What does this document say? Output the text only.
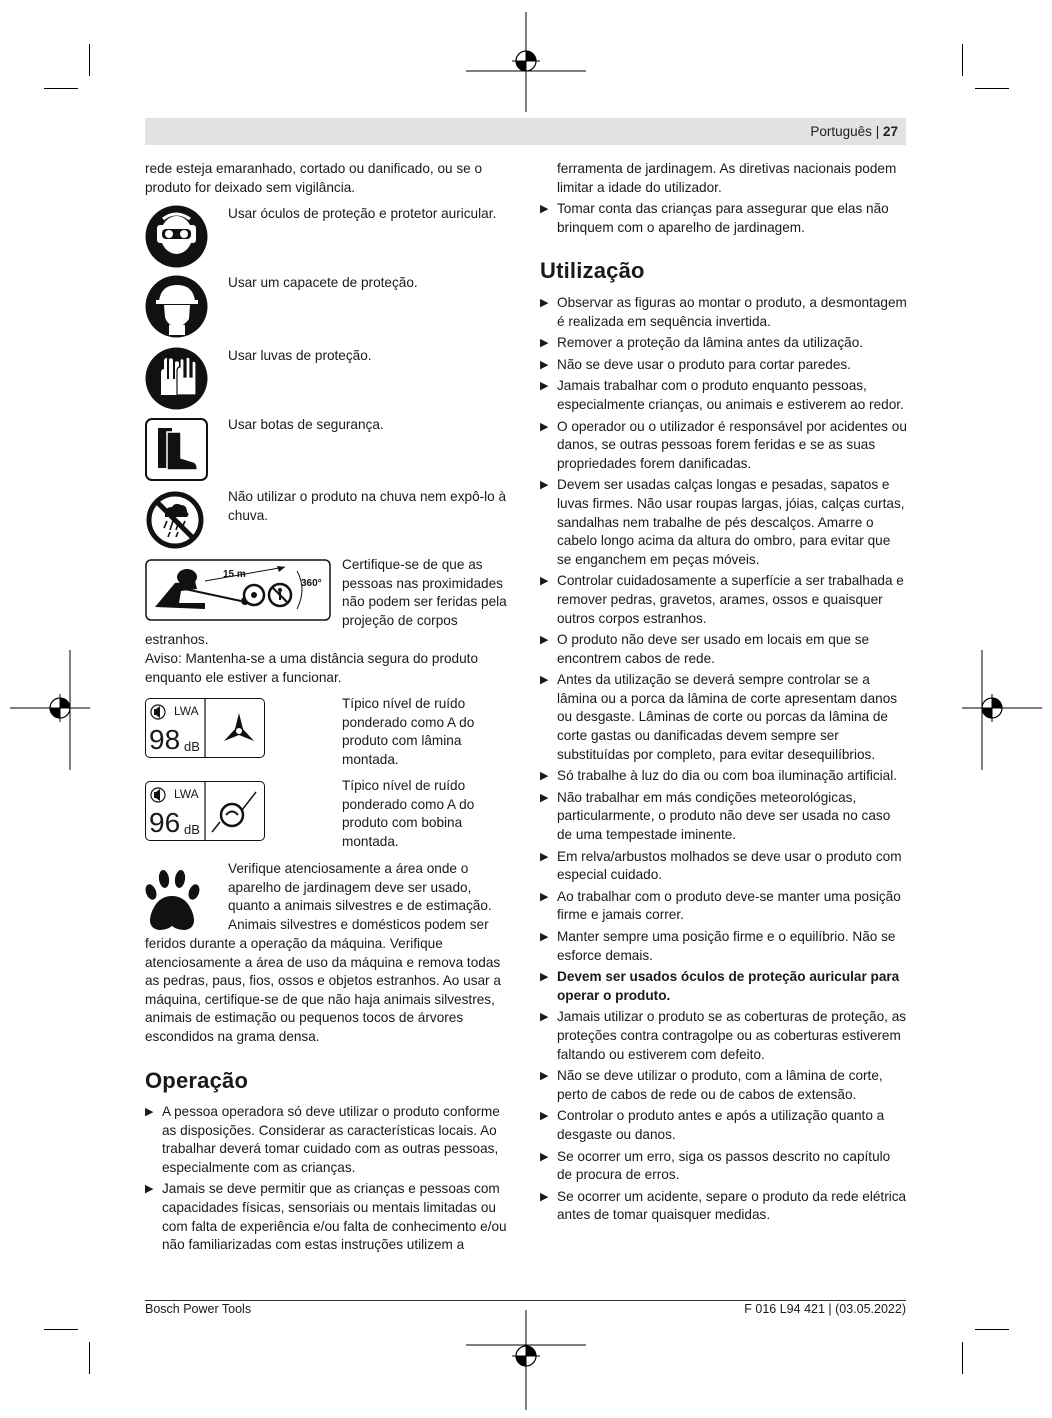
Português | 27

rede esteja emaranhado, cortado ou danificado, ou se o produto for deixado sem vigilância.

Usar óculos de proteção e protetor auricular.
Usar um capacete de proteção.
Usar luvas de proteção.
Usar botas de segurança.
Não utilizar o produto na chuva nem expô-lo à chuva.
15 m
360°
Certifique-se de que as pessoas nas proximidades não podem ser feridas pela projeção de corpos

estranhos.

Aviso: Mantenha-se a uma distância segura do produto enquanto ele estiver a funcionar.

LWA
98 dB
Típico nível de ruído ponderado como A do produto com lâmina montada.
LWA
96 dB
Típico nível de ruído ponderado como A do produto com bobina montada.
Verifique atenciosamente a área onde o aparelho de jardinagem deve ser usado, quanto a animais silvestres e de estimação. Animais silvestres e domésticos podem ser

feridos durante a operação da máquina. Verifique atenciosamente a área de uso da máquina e remova todas as pedras, paus, fios, ossos e objetos estranhos. Ao usar a máquina, certifique-se de que não haja animais silvestres, animais de estimação ou pequenos tocos de árvores escondidos na grama densa.

Operação
▶ A pessoa operadora só deve utilizar o produto conforme as disposições. Considerar as características locais. Ao trabalhar deverá tomar cuidado com as outras pessoas, especialmente com as crianças.
▶ Jamais se deve permitir que as crianças e pessoas com capacidades físicas, sensoriais ou mentais limitadas ou com falta de experiência e/ou falta de conhecimento e/ou não familiarizadas com estas instruções utilizem a
ferramenta de jardinagem. As diretivas nacionais podem limitar a idade do utilizador.
▶ Tomar conta das crianças para assegurar que elas não brinquem com o aparelho de jardinagem.
Utilização
▶ Observar as figuras ao montar o produto, a desmontagem é realizada em sequência invertida.
▶ Remover a proteção da lâmina antes da utilização.
▶ Não se deve usar o produto para cortar paredes.
▶ Jamais trabalhar com o produto enquanto pessoas, especialmente crianças, ou animais e estiverem ao redor.
▶ O operador ou o utilizador é responsável por acidentes ou danos, se outras pessoas forem feridas e se as suas propriedades forem danificadas.
▶ Devem ser usadas calças longas e pesadas, sapatos e luvas firmes. Não usar roupas largas, jóias, calças curtas, sandalhas nem trabalhe de pés descalços. Amarre o cabelo longo acima da altura do ombro, para evitar que se enganchem em peças móveis.
▶ Controlar cuidadosamente a superfície a ser trabalhada e remover pedras, gravetos, arames, ossos e quaisquer outros corpos estranhos.
▶ O produto não deve ser usado em locais em que se encontrem cabos de rede.
▶ Antes da utilização se deverá sempre controlar se a lâmina ou a porca da lâmina de corte apresentam danos ou desgaste. Lâminas de corte ou porcas da lâmina de corte gastas ou danificadas devem sempre ser substituídas por completo, para evitar desequilíbrios.
▶ Só trabalhe à luz do dia ou com boa iluminação artificial.
▶ Não trabalhar em más condições meteorológicas, particularmente, o produto não deve ser usada no caso de uma tempestade iminente.
▶ Em relva/arbustos molhados se deve usar o produto com especial cuidado.
▶ Ao trabalhar com o produto deve-se manter uma posição firme e jamais correr.
▶ Manter sempre uma posição firme e o equilíbrio. Não se esforce demais.
▶ Devem ser usados óculos de proteção auricular para operar o produto.
▶ Jamais utilizar o produto se as coberturas de proteção, as proteções contra contragolpe ou as coberturas estiverem faltando ou estiverem com defeito.
▶ Não se deve utilizar o produto, com a lâmina de corte, perto de cabos de rede ou de cabos de extensão.
▶ Controlar o produto antes e após a utilização quanto a desgaste ou danos.
▶ Se ocorrer um erro, siga os passos descrito no capítulo de procura de erros.
▶ Se ocorrer um acidente, separe o produto da rede elétrica antes de tomar quaisquer medidas.
Bosch Power Tools	F 016 L94 421 | (03.05.2022)
